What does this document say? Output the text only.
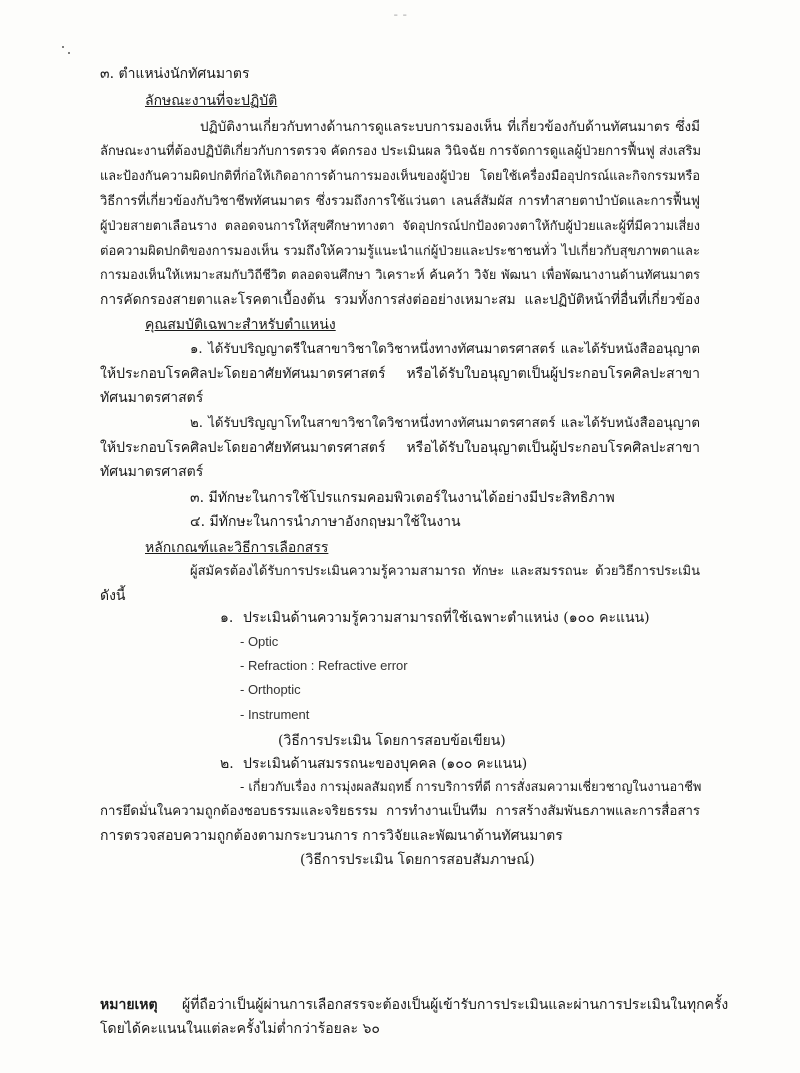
ˉ ˉ
๓. ตำแหน่งนักทัศนมาตร
ลักษณะงานที่จะปฏิบัติ
ปฏิบัติงานเกี่ยวกับทางด้านการดูแลระบบการมองเห็น ที่เกี่ยวข้องกับด้านทัศนมาตร ซึ่งมี
ลักษณะงานที่ต้องปฏิบัติเกี่ยวกับการตรวจ คัดกรอง ประเมินผล วินิจฉัย การจัดการดูแลผู้ป่วยการฟื้นฟู ส่งเสริม
และป้องกันความผิดปกติที่ก่อให้เกิดอาการด้านการมองเห็นของผู้ป่วย โดยใช้เครื่องมืออุปกรณ์และกิจกรรมหรือ
วิธีการที่เกี่ยวข้องกับวิชาชีพทัศนมาตร ซึ่งรวมถึงการใช้แว่นตา เลนส์สัมผัส การทำสายตาบำบัดและการฟื้นฟู
ผู้ป่วยสายตาเลือนราง ตลอดจนการให้สุขศึกษาทางตา จัดอุปกรณ์ปกป้องดวงตาให้กับผู้ป่วยและผู้ที่มีความเสี่ยง
ต่อความผิดปกติของการมองเห็น รวมถึงให้ความรู้แนะนำแก่ผู้ป่วยและประชาชนทั่ว ไปเกี่ยวกับสุขภาพตาและ
การมองเห็นให้เหมาะสมกับวิถีชีวิต ตลอดจนศึกษา วิเคราะห์ ค้นคว้า วิจัย พัฒนา เพื่อพัฒนางานด้านทัศนมาตร
การคัดกรองสายตาและโรคตาเบื้องต้น รวมทั้งการส่งต่ออย่างเหมาะสม และปฏิบัติหน้าที่อื่นที่เกี่ยวข้อง
คุณสมบัติเฉพาะสำหรับตำแหน่ง
๑. ได้รับปริญญาตรีในสาขาวิชาใดวิชาหนึ่งทางทัศนมาตรศาสตร์ และได้รับหนังสืออนุญาต
ให้ประกอบโรคศิลปะโดยอาศัยทัศนมาตรศาสตร์ หรือได้รับใบอนุญาตเป็นผู้ประกอบโรคศิลปะสาขา
ทัศนมาตรศาสตร์
๒. ได้รับปริญญาโทในสาขาวิชาใดวิชาหนึ่งทางทัศนมาตรศาสตร์ และได้รับหนังสืออนุญาต
ให้ประกอบโรคศิลปะโดยอาศัยทัศนมาตรศาสตร์ หรือได้รับใบอนุญาตเป็นผู้ประกอบโรคศิลปะสาขา
ทัศนมาตรศาสตร์
๓. มีทักษะในการใช้โปรแกรมคอมพิวเตอร์ในงานได้อย่างมีประสิทธิภาพ
๔. มีทักษะในการนำภาษาอังกฤษมาใช้ในงาน
หลักเกณฑ์และวิธีการเลือกสรร
ผู้สมัครต้องได้รับการประเมินความรู้ความสามารถ ทักษะ และสมรรถนะ ด้วยวิธีการประเมิน
ดังนี้
๑. ประเมินด้านความรู้ความสามารถที่ใช้เฉพาะตำแหน่ง (๑๐๐ คะแนน)
- Optic
- Refraction : Refractive error
- Orthoptic
- Instrument
(วิธีการประเมิน โดยการสอบข้อเขียน)
๒. ประเมินด้านสมรรถนะของบุคคล (๑๐๐ คะแนน)
- เกี่ยวกับเรื่อง การมุ่งผลสัมฤทธิ์ การบริการที่ดี การสั่งสมความเชี่ยวชาญในงานอาชีพ
การยึดมั่นในความถูกต้องชอบธรรมและจริยธรรม การทำงานเป็นทีม การสร้างสัมพันธภาพและการสื่อสาร
การตรวจสอบความถูกต้องตามกระบวนการ การวิจัยและพัฒนาด้านทัศนมาตร
(วิธีการประเมิน โดยการสอบสัมภาษณ์)
หมายเหตุ ผู้ที่ถือว่าเป็นผู้ผ่านการเลือกสรรจะต้องเป็นผู้เข้ารับการประเมินและผ่านการประเมินในทุกครั้ง
โดยได้คะแนนในแต่ละครั้งไม่ต่ำกว่าร้อยละ ๖๐
